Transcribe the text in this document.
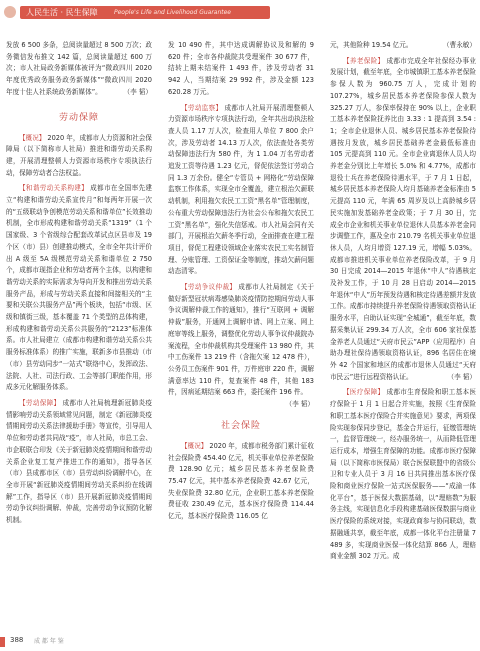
人民生活 · 民生保障	People's Life and Livelihood Guarantee

发放 6 500 多条，总阅读量超过 8 500 万次；政务微信发布推文 142 篇，总阅读量超过 600 万次；市人社局政务新媒体被评为“微政四川 2020 年度优秀政务服务政务新媒体”“微政四川 2020 年度十佳人社系统政务新媒体”。	（李 韬）

劳动保障

【概况】 2020 年，成都市人力资源和社会保障局（以下简称市人社局）推进和谐劳动关系构建，开展清理整顿人力资源市场秩序专项执法行动，保障劳动者合法权益。

【和谐劳动关系构建】 成都市在全国率先建立“构建和谐劳动关系宣传月”和每两年开展一次的“五级联动争创模范劳动关系和谐单位”长效推动机制，全市形成构建和谐劳动关系“1319”（1 个国家级、3 个省级综合配套改革试点区县市及 19 个区（市）县）创建推动模式，全市全年共计评价出 A 级至 5A 级模范劳动关系和谐单位 2 750 个，成都市现指企业和劳动者两个主体，以构建和谐劳动关系的实际需求为导向开发和推出劳动关系服务产品，形成与劳动关系直接和间接相关的“主要和关联公共服务产品”两个板块，包括“市级、区级和镇街三级，基本覆盖 71 个类型的总体构建，形成构建和谐劳动关系公共服务的“2123”标准体系。市人社局建立（成都市构建和谐劳动关系公共服务标准体系）的推广实施，联新多市县推动（市（市）县劳动同步“一站式”联络中心，发挥政法、法院、人社、司法行政、工会等部门职能作用，形成多元化解服务体系。

【劳动保障】 成都市人社局梳理新冠肺炎疫情影响劳动关系领域常见问题，制定《新冠肺炎疫情期间劳动关系法律援助手册》等宣传，引导用人单位和劳动者共同战“疫”，市人社局，市总工会、市企联联合印发《关于新冠肺炎疫情期间和谐劳动关系企业复工复产推进工作的通知》，指导各区（市）县成都市区（市）县劳动纠纷调解中心，在全市开展“新冠肺炎疫情期间劳动关系纠纷在线调解”工作，指导区（市）县开展新冠肺炎疫情期间劳动争议纠纷调解、仲裁，完善劳动争议预防化解机制。

发 10 490 件，其中达成调解协议及和解的 9 620 件；全市各仲裁院共受理案件 30 677 件，结转上期未结案件 1 493 件，涉及劳动者 31 942 人，当期结案 29 992 件，涉及金额 123 620.28 万元。

【劳动监察】 成都市人社局开展清理整顿人力资源市场秩序专项执法行动，全年共出动执法检查人员 1.17 万人次，检查用人单位 7 800 余户次，涉及劳动者 14.13 万人次，依法查处各类劳动保障违法行为 580 件，为 1 1.04 万名劳动者追发工资等待遇 1.23 亿元，督促依法签订劳动合同 1.3 万余份。健全“专管员 + 网格化”劳动保障监察工作体系，实现全市全覆盖，建立根治欠薪联动机制，利用拖欠农民工工资“黑名单”管理制度，公布重大劳动保障违法行为社会公布和拖欠农民工工资“黑名单”，强化失信惩戒。市人社局会同有关部门，开展根治欠薪冬季行动，全面排查在建工程项目，督促工程建设领域企业落实农民工实名制管理、分账管理、工资保证金等制度，推动欠薪问题动态清零。

【劳动争议仲裁】 成都市人社局制定《关于做好新型冠状病毒感染肺炎疫情防控期间劳动人事争议调解仲裁工作的通知》，推行“互联网 + 调解仲裁”服务，开通网上调解申请、网上立案、网上庭审等线上服务，调整优化劳动人事争议仲裁院办案流程，全市仲裁机构共受理案件 13 980 件，其中工伤案件 13 219 件（含拖欠案 12 478 件），公务员工伤案件 901 件，万件庭审 220 件，调解满意率达 110 件，复查案件 48 件，其他 183 件，因病延期结案 663 件，委托案件 196 件。
（李 韬）

社会保险

【概况】 2020 年，成都市税务部门累计征收社会保险费 454.40 亿元，机关事业单位养老保险费 128.90 亿元；城乡居民基本养老保险费 75.47 亿元，其中基本养老保险费 42.67 亿元，失业保险费 32.80 亿元，企业职工基本养老保险费征收 230.49 亿元，基本医疗保险费 114.44 亿元，基本医疗保险费 116.05 亿

元，其他险种 19.54 亿元。	（曹永敏）

【养老保险】 成都市完成全年社保经办事业发展计划，截至年底，全市城镇职工基本养老保险参保人数为 960.75 万人，完成计划的 107.27%，城乡居民基本养老保险参保人数为 325.27 万人，参保率保持在 90% 以上，企业职工基本养老保险抚养比由 3.33 : 1 提高到 3.54 : 1；全市企业退休人员、城乡居民基本养老保险待遇按月发放，城乡居民基础养老金最低标准由 105 元提高到 110 元。全市企业离退休人员人均养老金分别比上年增长 5.0% 和 4.77%，成都市退役士兵在养老保险待遇水平，于 7 月 1 日起，城乡居民基本养老保险人均月基础养老金标准由 5 元提高 110 元，年满 65 周岁及以上高龄城乡居民实施加发基础养老金政策；于 7 月 30 日，完成全市企业和机关事业单位退休人员基本养老金同步调整工作，惠及全市 210.79 名机关事业单位退休人员，人均月增资 127.19 元，增幅 5.03%。成都市推进机关事业单位养老保险改革，于 9 月 30 日完成 2014—2015 年退休“中人”待遇核定及补发工作，于 10 月 28 日启动 2014—2015 年退休“中人”历年预发待遇和核定待遇差额并发放工作。成都市持续提升养老保险待遇领取资格认证服务水平，自助认证实现“全城通”，截至年底，数据采集认证 299.34 万人次，全市 606 家社保基金养老人员通过“天府市民云”APP（应用程序）自助办理社保待遇领取资格认证，896 名居住在境外 42 个国家和地区的成都市退休人员通过“天府市民云”进行远程资格认证。	（李 韬）

【医疗保障】 成都市生育保险和职工基本医疗保险于 1 月 1 日起合并实施，按照《生育保险和职工基本医疗保险合并实施意见》要求，两项保险实现参保同步登记，基金合并运行，征缴管理统一，监督管理统一，经办服务统一，从而降低管理运行成本，增强生育保障的功能。成都市医疗保障局（以下简称市医保局）联合医保联盟中的省级公卫和专业人员于 3 月 16 日共同推出基本医疗保险和商业医疗保险一站式医保服务——“成渝一体化平台”，基于医保大数据基础，以“理赔数”为服务主线，实现信息化手段构建基础医保数据与商业医疗保险的系统对接，实现政商参与协同联动，数据融通共享，截至年底，成都一体化平台注册量 7 489 多，实现商业医保一体化结算 866 人，理赔商业金额 302 万元。成

388 成 都 年 鉴
